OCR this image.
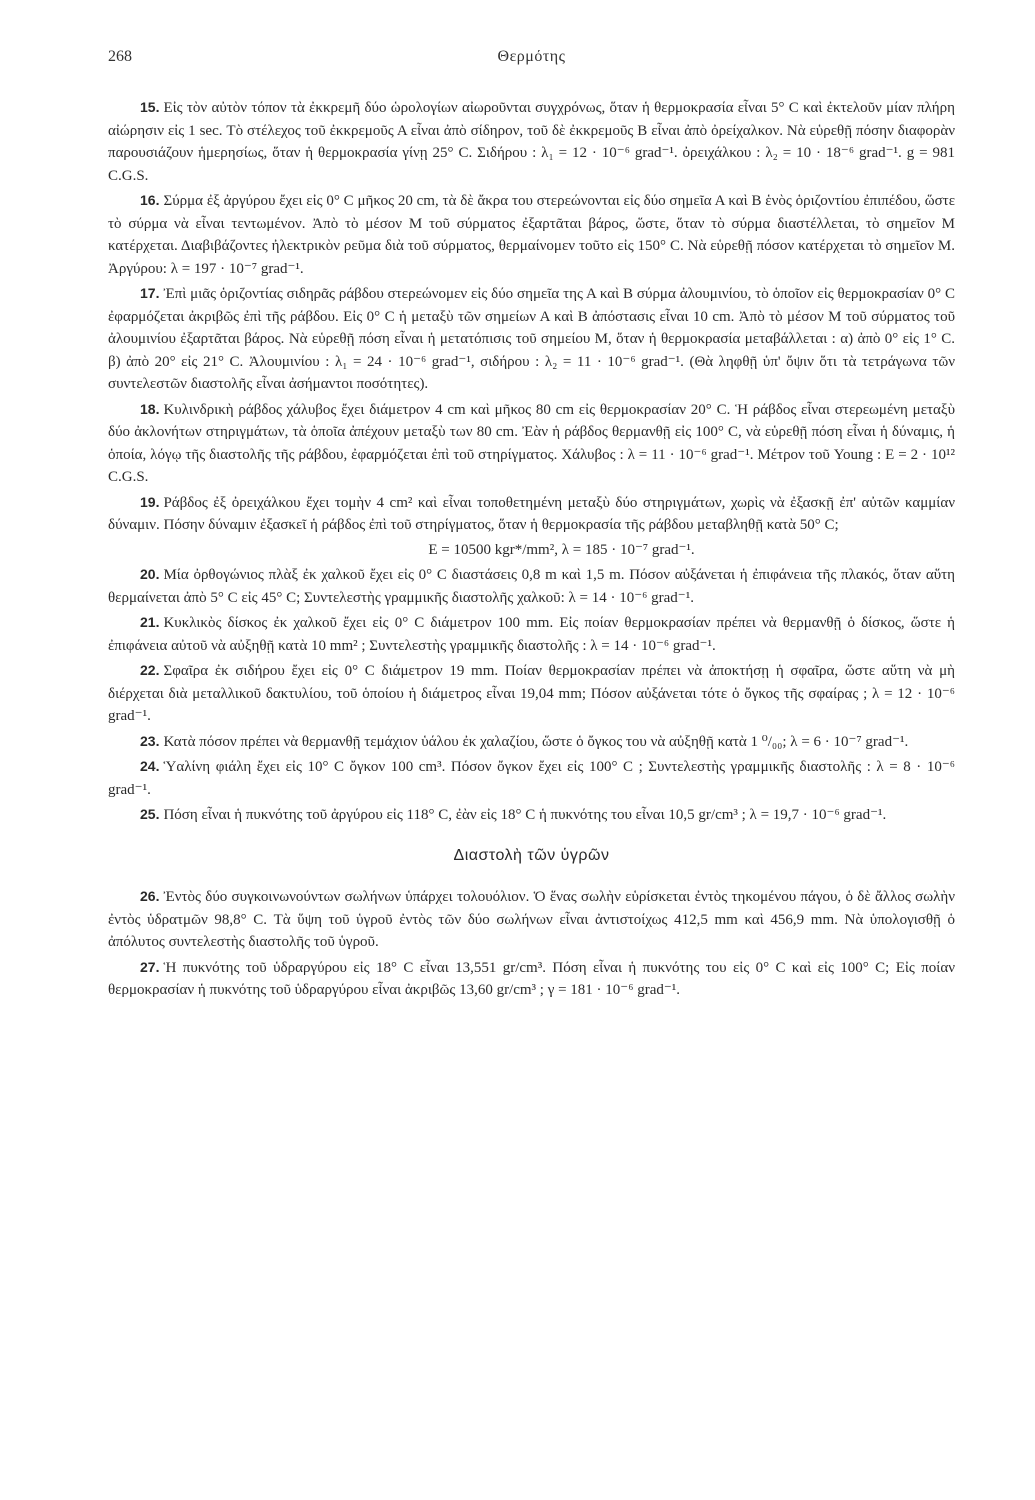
268	Θερμότης

15. Εἰς τὸν αὐτὸν τόπον τὰ ἐκκρεμῆ δύο ὡρολογίων αἰωροῦνται συγχρόνως, ὅταν ἡ θερμοκρασία εἶναι 5° C καὶ ἐκτελοῦν μίαν πλήρη αἰώρησιν εἰς 1 sec. Τὸ στέλεχος τοῦ ἐκκρεμοῦς Α εἶναι ἀπὸ σίδηρον, τοῦ δὲ ἐκκρεμοῦς Β εἶναι ἀπὸ ὀρείχαλκον. Νὰ εὑρεθῇ πόσην διαφορὰν παρουσιάζουν ἡμερησίως, ὅταν ἡ θερμοκρασία γίνῃ 25° C. Σιδήρου : λ₁ = 12 · 10⁻⁶ grad⁻¹. ὀρειχάλκου : λ₂ = 10 · 18⁻⁶ grad⁻¹. g = 981 C.G.S.

16. Σύρμα ἐξ ἀργύρου ἔχει εἰς 0° C μῆκος 20 cm, τὰ δὲ ἄκρα του στερεώνονται εἰς δύο σημεῖα Α καὶ Β ἑνὸς ὁριζοντίου ἐπιπέδου, ὥστε τὸ σύρμα νὰ εἶναι τεντωμένον. Ἀπὸ τὸ μέσον Μ τοῦ σύρματος ἐξαρτᾶται βάρος, ὥστε, ὅταν τὸ σύρμα διαστέλλεται, τὸ σημεῖον Μ κατέρχεται. Διαβιβάζοντες ἠλεκτρικὸν ρεῦμα διὰ τοῦ σύρματος, θερμαίνομεν τοῦτο εἰς 150° C. Νὰ εὑρεθῇ πόσον κατέρχεται τὸ σημεῖον Μ. Ἀργύρου: λ = 197 · 10⁻⁷ grad⁻¹.

17. Ἐπὶ μιᾶς ὁριζοντίας σιδηρᾶς ράβδου στερεώνομεν εἰς δύο σημεῖα της Α καὶ Β σύρμα ἀλουμινίου, τὸ ὁποῖον εἰς θερμοκρασίαν 0° C ἐφαρμόζεται ἀκριβῶς ἐπὶ τῆς ράβδου. Εἰς 0° C ἡ μεταξὺ τῶν σημείων Α καὶ Β ἀπόστασις εἶναι 10 cm. Ἀπὸ τὸ μέσον Μ τοῦ σύρματος τοῦ ἀλουμινίου ἐξαρτᾶται βάρος. Νὰ εὑρεθῇ πόση εἶναι ἡ μετατόπισις τοῦ σημείου Μ, ὅταν ἡ θερμοκρασία μεταβάλλεται : α) ἀπὸ 0° εἰς 1° C. β) ἀπὸ 20° εἰς 21° C. Ἀλουμινίου : λ₁ = 24 · 10⁻⁶ grad⁻¹, σιδήρου : λ₂ = 11 · 10⁻⁶ grad⁻¹. (Θὰ ληφθῇ ὑπ' ὄψιν ὅτι τὰ τετράγωνα τῶν συντελεστῶν διαστολῆς εἶναι ἀσήμαντοι ποσότητες).

18. Κυλινδρικὴ ράβδος χάλυβος ἔχει διάμετρον 4 cm καὶ μῆκος 80 cm εἰς θερμοκρασίαν 20° C. Ἡ ράβδος εἶναι στερεωμένη μεταξὺ δύο ἀκλονήτων στηριγμάτων, τὰ ὁποῖα ἀπέχουν μεταξὺ των 80 cm. Ἐὰν ἡ ράβδος θερμανθῇ εἰς 100° C, νὰ εὑρεθῇ πόση εἶναι ἡ δύναμις, ἡ ὁποία, λόγῳ τῆς διαστολῆς τῆς ράβδου, ἐφαρμόζεται ἐπὶ τοῦ στηρίγματος. Χάλυβος : λ = 11 · 10⁻⁶ grad⁻¹. Μέτρον τοῦ Young : E = 2 · 10¹² C.G.S.

19. Ράβδος ἐξ ὀρειχάλκου ἔχει τομὴν 4 cm² καὶ εἶναι τοποθετημένη μεταξὺ δύο στηριγμάτων, χωρὶς νὰ ἐξασκῇ ἐπ' αὐτῶν καμμίαν δύναμιν. Πόσην δύναμιν ἐξασκεῖ ἡ ράβδος ἐπὶ τοῦ στηρίγματος, ὅταν ἡ θερμοκρασία τῆς ράβδου μεταβληθῇ κατὰ 50° C;

E = 10500 kgr*/mm², λ = 185 · 10⁻⁷ grad⁻¹.

20. Μία ὀρθογώνιος πλὰξ ἐκ χαλκοῦ ἔχει εἰς 0° C διαστάσεις 0,8 m καὶ 1,5 m. Πόσον αὐξάνεται ἡ ἐπιφάνεια τῆς πλακός, ὅταν αὕτη θερμαίνεται ἀπὸ 5° C εἰς 45° C; Συντελεστὴς γραμμικῆς διαστολῆς χαλκοῦ: λ = 14 · 10⁻⁶ grad⁻¹.

21. Κυκλικὸς δίσκος ἐκ χαλκοῦ ἔχει εἰς 0° C διάμετρον 100 mm. Εἰς ποίαν θερμοκρασίαν πρέπει νὰ θερμανθῇ ὁ δίσκος, ὥστε ἡ ἐπιφάνεια αὐτοῦ νὰ αὐξηθῇ κατὰ 10 mm² ; Συντελεστὴς γραμμικῆς διαστολῆς : λ = 14 · 10⁻⁶ grad⁻¹.

22. Σφαῖρα ἐκ σιδήρου ἔχει εἰς 0° C διάμετρον 19 mm. Ποίαν θερμοκρασίαν πρέπει νὰ ἀποκτήσῃ ἡ σφαῖρα, ὥστε αὕτη νὰ μὴ διέρχεται διὰ μεταλλικοῦ δακτυλίου, τοῦ ὁποίου ἡ διάμετρος εἶναι 19,04 mm; Πόσον αὐξάνεται τότε ὁ ὄγκος τῆς σφαίρας ; λ = 12 · 10⁻⁶ grad⁻¹.

23. Κατὰ πόσον πρέπει νὰ θερμανθῇ τεμάχιον ὑάλου ἐκ χαλαζίου, ὥστε ὁ ὄγκος του νὰ αὐξηθῇ κατὰ 1 ⁰/₀₀; λ = 6 · 10⁻⁷ grad⁻¹.

24. Ὑαλίνη φιάλη ἔχει εἰς 10° C ὄγκον 100 cm³. Πόσον ὄγκον ἔχει εἰς 100° C ; Συντελεστὴς γραμμικῆς διαστολῆς : λ = 8 · 10⁻⁶ grad⁻¹.

25. Πόση εἶναι ἡ πυκνότης τοῦ ἀργύρου εἰς 118° C, ἐὰν εἰς 18° C ἡ πυκνότης του εἶναι 10,5 gr/cm³ ; λ = 19,7 · 10⁻⁶ grad⁻¹.

Διαστολὴ τῶν ὑγρῶν

26. Ἐντὸς δύο συγκοινωνούντων σωλήνων ὑπάρχει τολουόλιον. Ὁ ἕνας σωλὴν εὑρίσκεται ἐντὸς τηκομένου πάγου, ὁ δὲ ἄλλος σωλὴν ἐντὸς ὑδρατμῶν 98,8° C. Τὰ ὕψη τοῦ ὑγροῦ ἐντὸς τῶν δύο σωλήνων εἶναι ἀντιστοίχως 412,5 mm καὶ 456,9 mm. Νὰ ὑπολογισθῇ ὁ ἀπόλυτος συντελεστὴς διαστολῆς τοῦ ὑγροῦ.

27. Ἡ πυκνότης τοῦ ὑδραργύρου εἰς 18° C εἶναι 13,551 gr/cm³. Πόση εἶναι ἡ πυκνότης του εἰς 0° C καὶ εἰς 100° C; Εἰς ποίαν θερμοκρασίαν ἡ πυκνότης τοῦ ὑδραργύρου εἶναι ἀκριβῶς 13,60 gr/cm³ ; γ = 181 · 10⁻⁶ grad⁻¹.
